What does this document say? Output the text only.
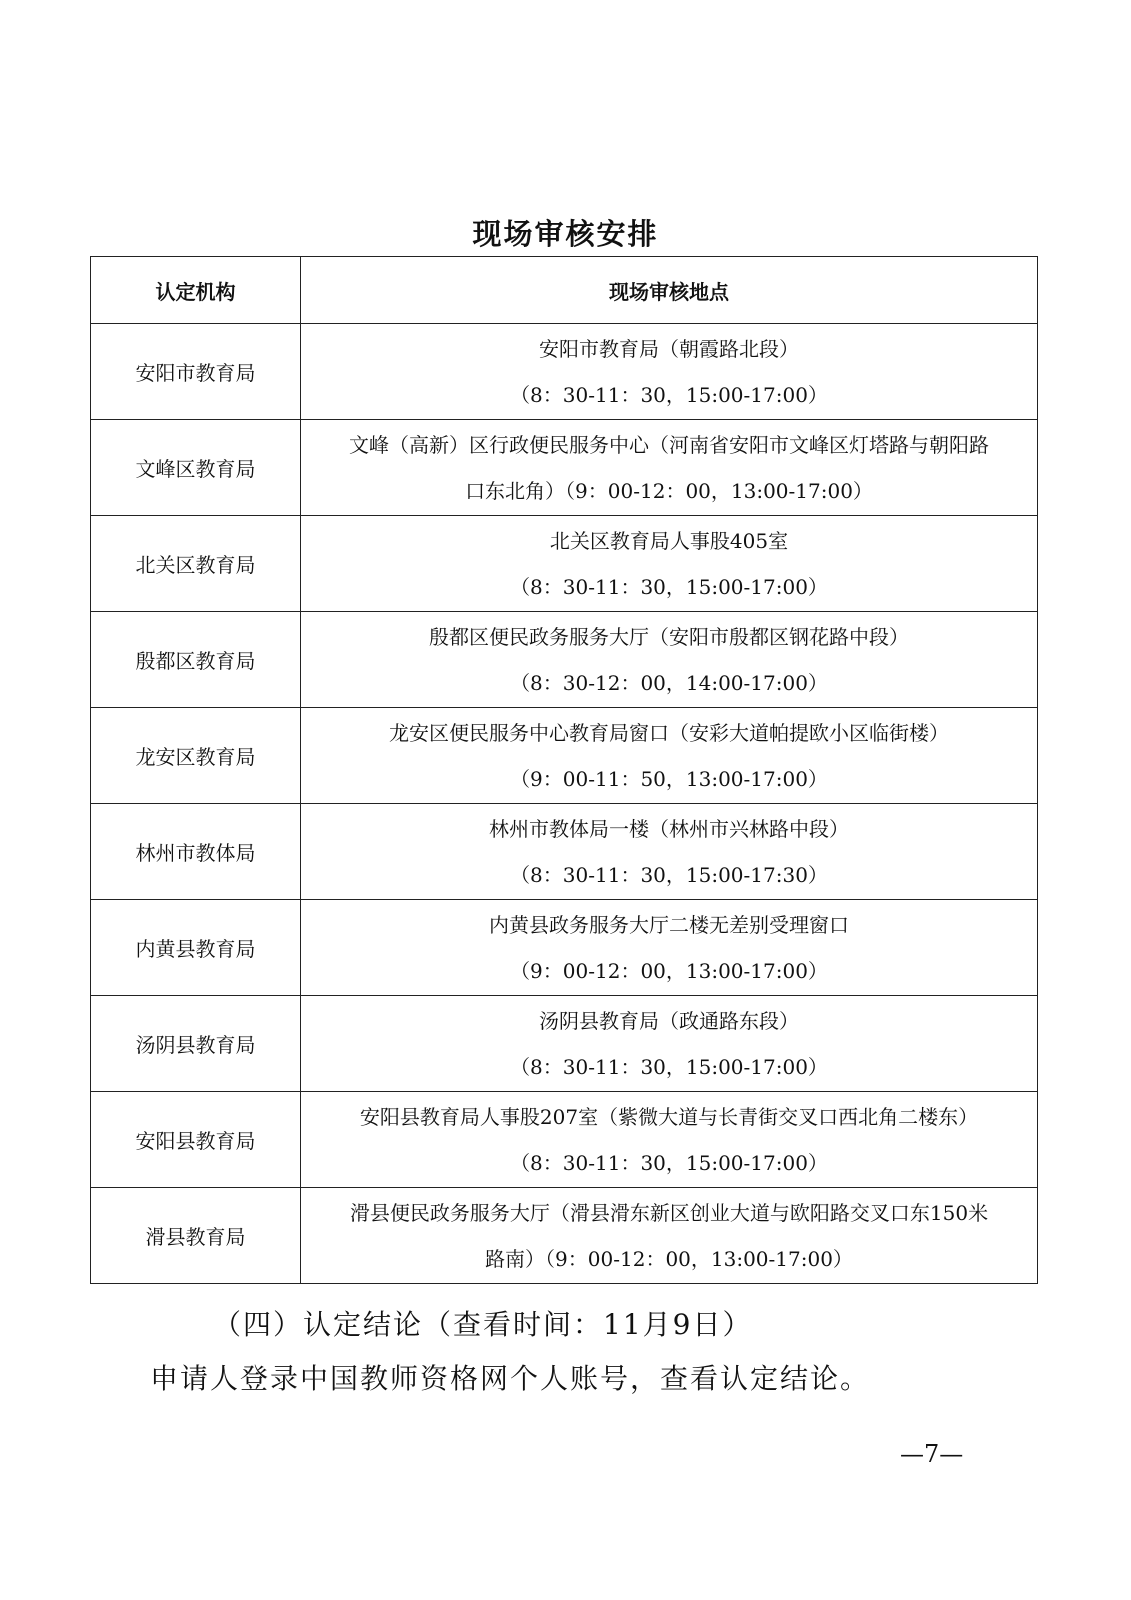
现场审核安排
认定机构	现场审核地点
安阳市教育局	安阳市教育局（朝霞路北段）
（8：30-11：30，15:00-17:00）

文峰区教育局	文峰（高新）区行政便民服务中心（河南省安阳市文峰区灯塔路与朝阳路
口东北角）（9：00-12：00，13:00-17:00）

北关区教育局	北关区教育局人事股405室
（8：30-11：30，15:00-17:00）

殷都区教育局	殷都区便民政务服务大厅（安阳市殷都区钢花路中段）
（8：30-12：00，14:00-17:00）

龙安区教育局	龙安区便民服务中心教育局窗口（安彩大道帕提欧小区临街楼）
（9：00-11：50，13:00-17:00）

林州市教体局	林州市教体局一楼（林州市兴林路中段）
（8：30-11：30，15:00-17:30）

内黄县教育局	内黄县政务服务大厅二楼无差别受理窗口
（9：00-12：00，13:00-17:00）

汤阴县教育局	汤阴县教育局（政通路东段）
（8：30-11：30，15:00-17:00）

安阳县教育局	安阳县教育局人事股207室（紫微大道与长青街交叉口西北角二楼东）
（8：30-11：30，15:00-17:00）

滑县教育局	滑县便民政务服务大厅（滑县滑东新区创业大道与欧阳路交叉口东150米
路南）（9：00-12：00，13:00-17:00）
（四）认定结论（查看时间：11月9日）
申请人登录中国教师资格网个人账号，查看认定结论。
—7—
